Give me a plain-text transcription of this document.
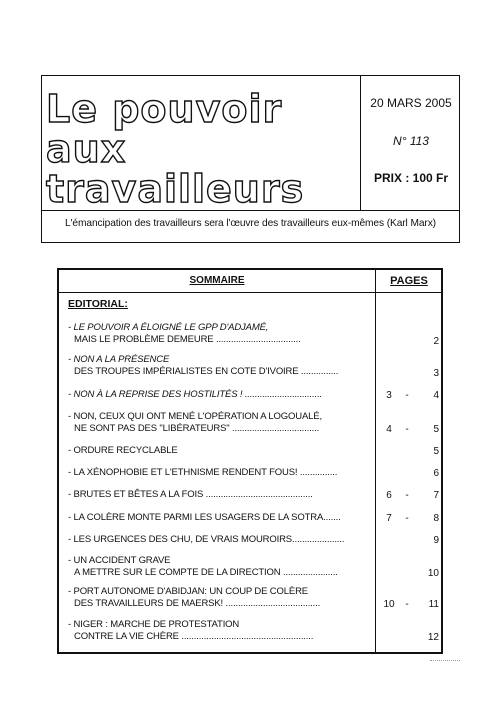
Le pouvoir
aux
travailleurs
20 MARS 2005
N° 113
PRIX : 100 Fr
L'émancipation des travailleurs sera l'œuvre des travailleurs eux-mêmes (Karl Marx)
SOMMAIRE	PAGES
EDITORIAL:
- LE POUVOIR A ÉLOIGNÉ LE GPP D'ADJAMÉ,
MAIS LE PROBLÈME DEMEURE ..................................	2
- NON A LA PRÉSENCE
DES TROUPES IMPÉRIALISTES EN COTE D'IVOIRE ...............	3
- NON À LA REPRISE DES HOSTILITÉS ! ...............................	3	-	4
- NON, CEUX QUI ONT MENÉ L'OPÉRATION A LOGOUALÉ,
NE SONT PAS DES "LIBÉRATEURS" ...................................	4	-	5
- ORDURE RECYCLABLE	5
- LA XÉNOPHOBIE ET L'ETHNISME RENDENT FOUS! ...............	6
- BRUTES ET BÊTES A LA FOIS ...........................................	6	-	7
- LA COLÈRE MONTE PARMI LES USAGERS DE LA SOTRA.......	7	-	8
- LES URGENCES DES CHU, DE VRAIS MOUROIRS.....................	9
- UN ACCIDENT GRAVE
A METTRE SUR LE COMPTE DE LA DIRECTION ......................	10
- PORT AUTONOME D'ABIDJAN: UN COUP DE COLÈRE
DES TRAVAILLEURS DE MAERSK! ......................................	10	-	11
- NIGER : MARCHE DE PROTESTATION
CONTRE LA VIE CHÈRE .....................................................	12
